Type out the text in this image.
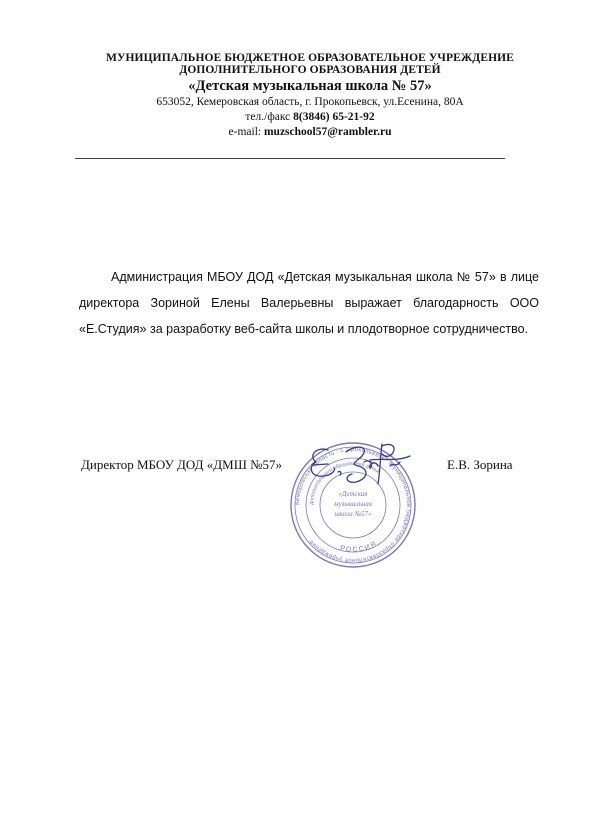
МУНИЦИПАЛЬНОЕ БЮДЖЕТНОЕ ОБРАЗОВАТЕЛЬНОЕ УЧРЕЖДЕНИЕ
ДОПОЛНИТЕЛЬНОГО ОБРАЗОВАНИЯ ДЕТЕЙ
«Детская музыкальная школа № 57»
653052, Кемеровская область, г. Прокопьевск, ул.Есенина, 80А
тел./факс 8(3846) 65-21-92
e-mail: muzschool57@rambler.ru
Администрация МБОУ ДОД «Детская музыкальная школа № 57» в лице директора Зориной Елены Валерьевны выражает благодарность ООО «Е.Студия» за разработку веб-сайта школы и плодотворное сотрудничество.
Директор МБОУ ДОД «ДМШ №57»	Е.В. Зорина
Кемеровская область · г. Прокопьевск · Муниципальное бюджетное образовательное учреждение
дополнительного образования детей
РОССИЯ
«Детская
музыкальная
школа №57»
